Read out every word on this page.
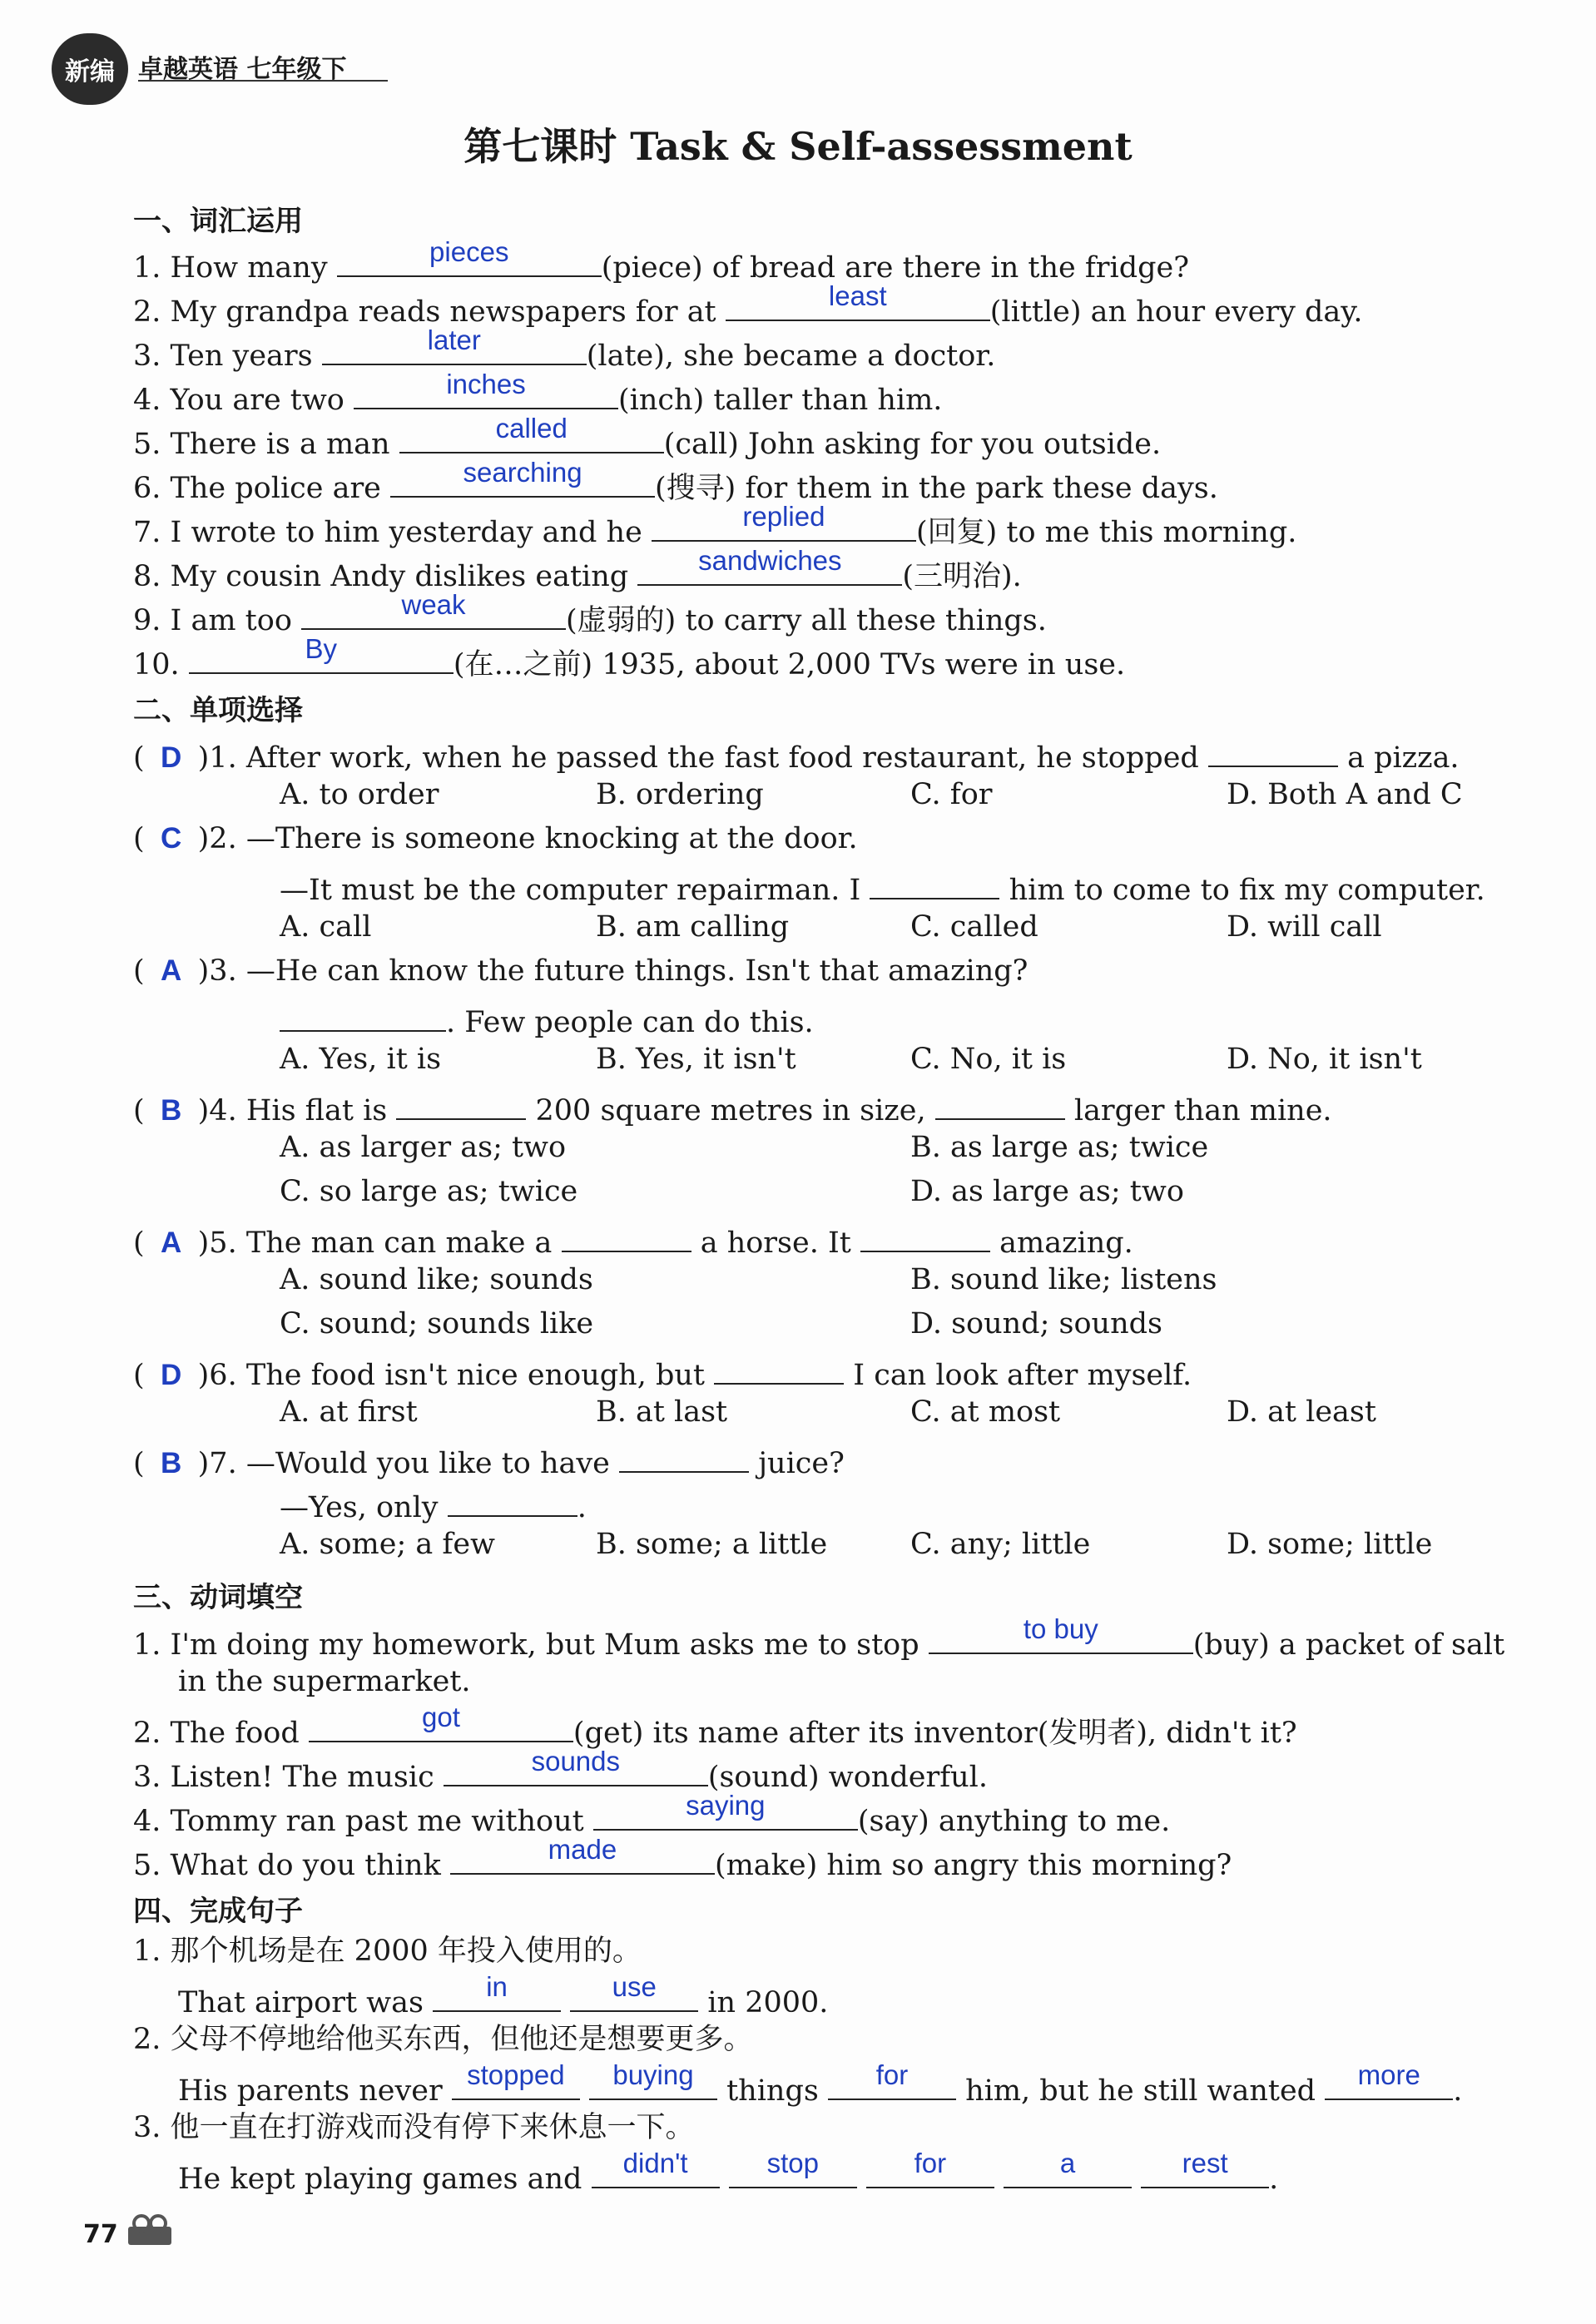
新编 卓越英语 七年级下
第七课时 Task & Self-assessment
一、词汇运用
1. How many	pieces	(piece) of bread are there in the fridge?
2. My grandpa reads newspapers for at	least	(little) an hour every day.
3. Ten years	later	(late), she became a doctor.
4. You are two	inches	(inch) taller than him.
5. There is a man	called	(call) John asking for you outside.
6. The police are	searching	(搜寻) for them in the park these days.
7. I wrote to him yesterday and he	replied	(回复) to me this morning.
8. My cousin Andy dislikes eating	sandwiches	(三明治).
9. I am too	weak	(虚弱的) to carry all these things.
10.	By	(在…之前) 1935, about 2,000 TVs were in use.
二、单项选择
( D )1. After work, when he passed the fast food restaurant, he stopped	a pizza.
A. to order	B. ordering	C. for	D. Both A and C
( C )2. —There is someone knocking at the door.
—It must be the computer repairman. I	him to come to fix my computer.
A. call	B. am calling	C. called	D. will call
( A )3. —He can know the future things. Isn't that amazing?
. Few people can do this.
A. Yes, it is	B. Yes, it isn't	C. No, it is	D. No, it isn't
( B )4. His flat is	200 square metres in size,	larger than mine.
A. as larger as; two	B. as large as; twice
C. so large as; twice	D. as large as; two
( A )5. The man can make a	a horse. It	amazing.
A. sound like; sounds	B. sound like; listens
C. sound; sounds like	D. sound; sounds
( D )6. The food isn't nice enough, but	I can look after myself.
A. at first	B. at last	C. at most	D. at least
( B )7. —Would you like to have	juice?
—Yes, only	.
A. some; a few	B. some; a little	C. any; little	D. some; little
三、动词填空
1. I'm doing my homework, but Mum asks me to stop	to buy	(buy) a packet of salt
in the supermarket.
2. The food	got	(get) its name after its inventor(发明者), didn't it?
3. Listen! The music	sounds	(sound) wonderful.
4. Tommy ran past me without	saying	(say) anything to me.
5. What do you think	made	(make) him so angry this morning?
四、完成句子
1. 那个机场是在 2000 年投入使用的。
That airport was	in
	use	in 2000.
2. 父母不停地给他买东西，但他还是想要更多。
His parents never stopped
	buying	things	for	him, but he still wanted	more	.
3. 他一直在打游戏而没有停下来休息一下。
He kept playing games and	didn't
	stop
	for
	a
	rest	.
77
